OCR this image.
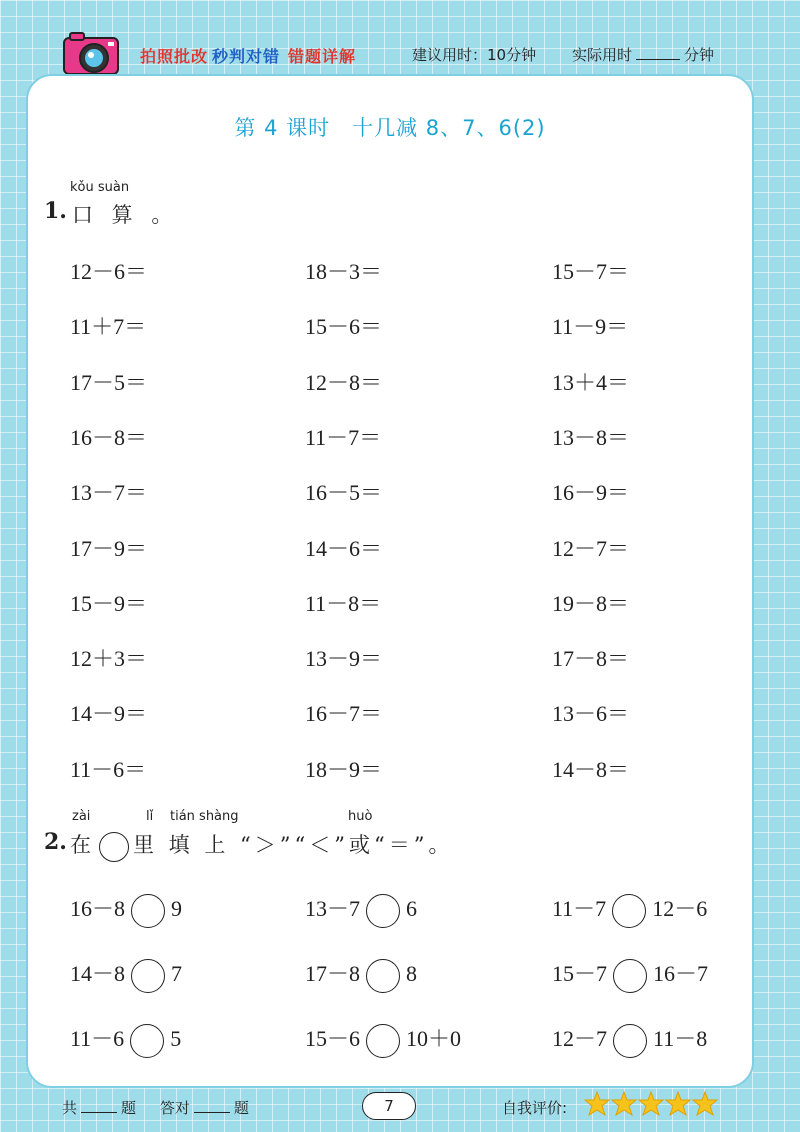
拍照批改 秒判对错 错题详解	建议用时：10分钟 实际用时	分钟
第 4 课时　十几减 8、7、6(2)
kǒu suàn
1. 口 算 。
12－6＝	18－3＝	15－7＝
11＋7＝	15－6＝	11－9＝
17－5＝	12－8＝	13＋4＝
16－8＝	11－7＝	13－8＝
13－7＝	16－5＝	16－9＝
17－9＝	14－6＝	12－7＝
15－9＝	11－8＝	19－8＝
12＋3＝	13－9＝	17－8＝
14－9＝	16－7＝	13－6＝
11－6＝	18－9＝	14－8＝
zài	lǐ tián shàng	huò
2. 在 里 填 上 “＞”“＜”或“＝”。
16－8 9	13－7 6	11－7 12－6
14－8 7	17－8 8	15－7 16－7
11－6 5	15－6 10＋0	12－7 11－8
共	题 答对	题	7	自我评价:
